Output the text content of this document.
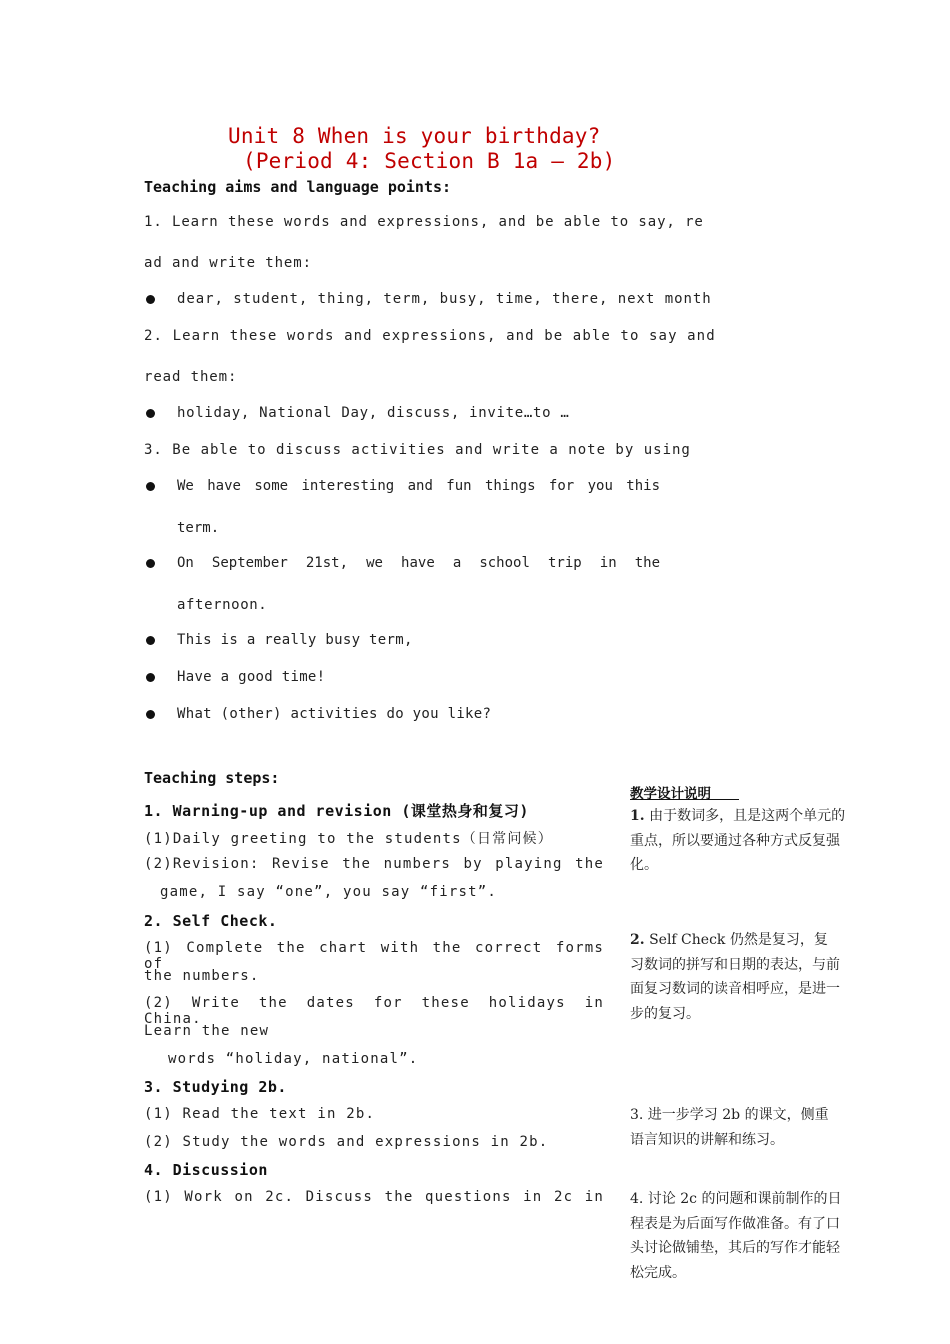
Unit 8 When is your birthday?
(Period 4: Section B 1a – 2b)
Teaching aims and language points:
1. Learn these words and expressions, and be able to say, re
ad and write them:
dear, student, thing, term, busy, time, there, next month
2. Learn these words and expressions, and be able to say and
read them:
holiday, National Day, discuss, invite…to …
3. Be able to discuss activities and write a note by using
We have some interesting and fun things for you this
term.
On September 21st, we have a school trip in the
afternoon.
This is a really busy term,
Have a good time!
What (other) activities do you like?
Teaching steps:
1. Warning-up and revision (课堂热身和复习)
(1)Daily greeting to the students（日常问候）
(2)Revision: Revise the numbers by playing the
game, I say “one”, you say “first”.
2. Self Check.
(1) Complete the chart with the correct forms of
the numbers.
(2) Write the dates for these holidays in China.
Learn the new
words “holiday, national”.
3. Studying 2b.
(1) Read the text in 2b.
(2) Study the words and expressions in 2b.
4. Discussion
(1) Work on 2c. Discuss the questions in 2c in
教学设计说明
1. 由于数词多，且是这两个单元的重点，所以要通过各种方式反复强化。
2. Self Check 仍然是复习，复习数词的拼写和日期的表达，与前面复习数词的读音相呼应，是进一步的复习。
3. 进一步学习 2b 的课文，侧重语言知识的讲解和练习。
4. 讨论 2c 的问题和课前制作的日程表是为后面写作做准备。有了口头讨论做铺垫，其后的写作才能轻松完成。
